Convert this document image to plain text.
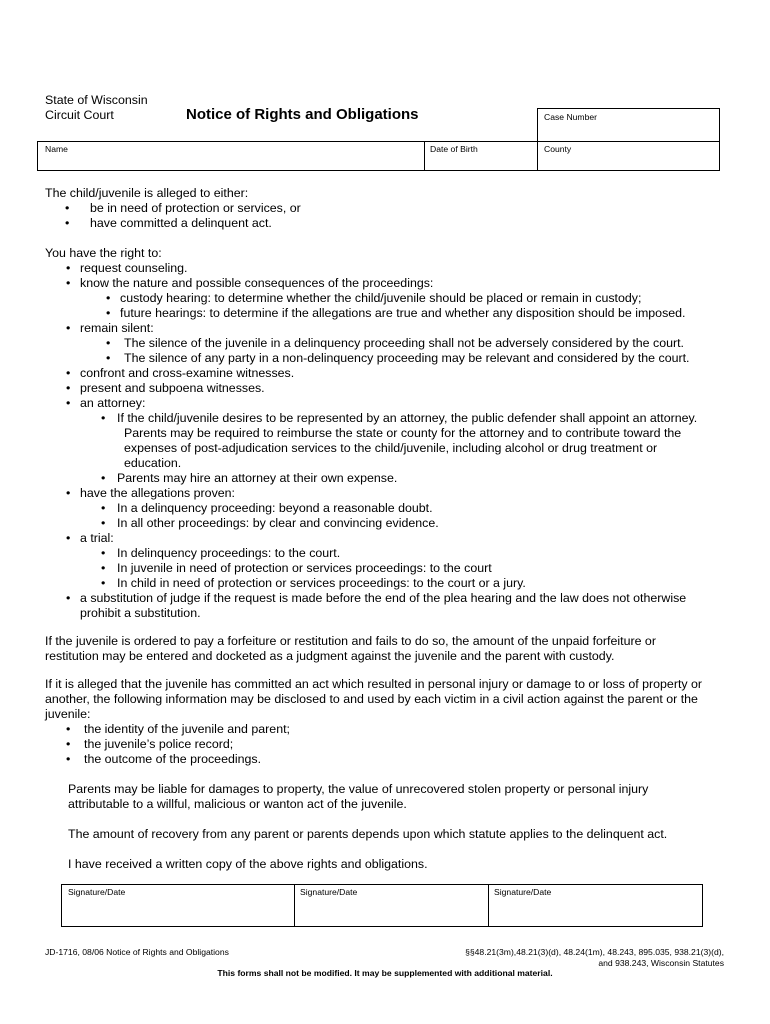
State of Wisconsin
Circuit Court	Notice of Rights and Obligations	Case Number
Name	Date of Birth	County
The child/juvenile is alleged to either:
• be in need of protection or services, or
• have committed a delinquent act.
You have the right to:
• request counseling.
• know the nature and possible consequences of the proceedings:
• custody hearing: to determine whether the child/juvenile should be placed or remain in custody;
• future hearings: to determine if the allegations are true and whether any disposition should be imposed.
• remain silent:
• The silence of the juvenile in a delinquency proceeding shall not be adversely considered by the court.
• The silence of any party in a non-delinquency proceeding may be relevant and considered by the court.
• confront and cross-examine witnesses.
• present and subpoena witnesses.
• an attorney:
• If the child/juvenile desires to be represented by an attorney, the public defender shall appoint an attorney.
Parents may be required to reimburse the state or county for the attorney and to contribute toward the
expenses of post-adjudication services to the child/juvenile, including alcohol or drug treatment or
education.
• Parents may hire an attorney at their own expense.
• have the allegations proven:
• In a delinquency proceeding: beyond a reasonable doubt.
• In all other proceedings: by clear and convincing evidence.
• a trial:
• In delinquency proceedings: to the court.
• In juvenile in need of protection or services proceedings: to the court
• In child in need of protection or services proceedings: to the court or a jury.
• a substitution of judge if the request is made before the end of the plea hearing and the law does not otherwise
prohibit a substitution.
If the juvenile is ordered to pay a forfeiture or restitution and fails to do so, the amount of the unpaid forfeiture or
restitution may be entered and docketed as a judgment against the juvenile and the parent with custody.
If it is alleged that the juvenile has committed an act which resulted in personal injury or damage to or loss of property or
another, the following information may be disclosed to and used by each victim in a civil action against the parent or the
juvenile:
• the identity of the juvenile and parent;
• the juvenile’s police record;
• the outcome of the proceedings.
Parents may be liable for damages to property, the value of unrecovered stolen property or personal injury
attributable to a willful, malicious or wanton act of the juvenile.
The amount of recovery from any parent or parents depends upon which statute applies to the delinquent act.
I have received a written copy of the above rights and obligations.
Signature/Date	Signature/Date	Signature/Date
JD-1716, 08/06 Notice of Rights and Obligations	§§48.21(3m),48.21(3)(d), 48.24(1m), 48.243, 895.035, 938.21(3)(d),
and 938.243, Wisconsin Statutes
This forms shall not be modified. It may be supplemented with additional material.
